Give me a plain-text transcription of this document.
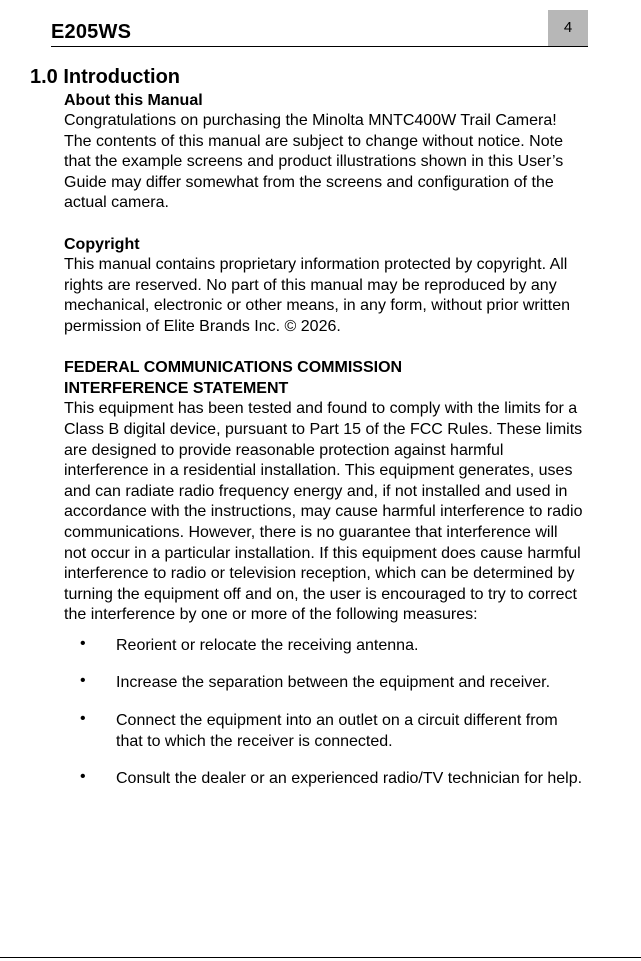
E205WS	4
1.0 Introduction
About this Manual

Congratulations on purchasing the Minolta MNTC400W Trail Camera!

The contents of this manual are subject to change without notice. Note that the example screens and product illustrations shown in this User’s Guide may differ somewhat from the screens and configuration of the actual camera.

Copyright

This manual contains proprietary information protected by copyright. All rights are reserved. No part of this manual may be reproduced by any mechanical, electronic or other means, in any form, without prior written permission of Elite Brands Inc. © 2026.

FEDERAL COMMUNICATIONS COMMISSION
INTERFERENCE STATEMENT

This equipment has been tested and found to comply with the limits for a Class B digital device, pursuant to Part 15 of the FCC Rules. These limits are designed to provide reasonable protection against harmful interference in a residential installation. This equipment generates, uses and can radiate radio frequency energy and, if not installed and used in accordance with the instructions, may cause harmful interference to radio communications. However, there is no guarantee that interference will not occur in a particular installation. If this equipment does cause harmful interference to radio or television reception, which can be determined by turning the equipment off and on, the user is encouraged to try to correct the interference by one or more of the following measures:

• Reorient or relocate the receiving antenna.
• Increase the separation between the equipment and receiver.
• Connect the equipment into an outlet on a circuit different from that to which the receiver is connected.
• Consult the dealer or an experienced radio/TV technician for help.
